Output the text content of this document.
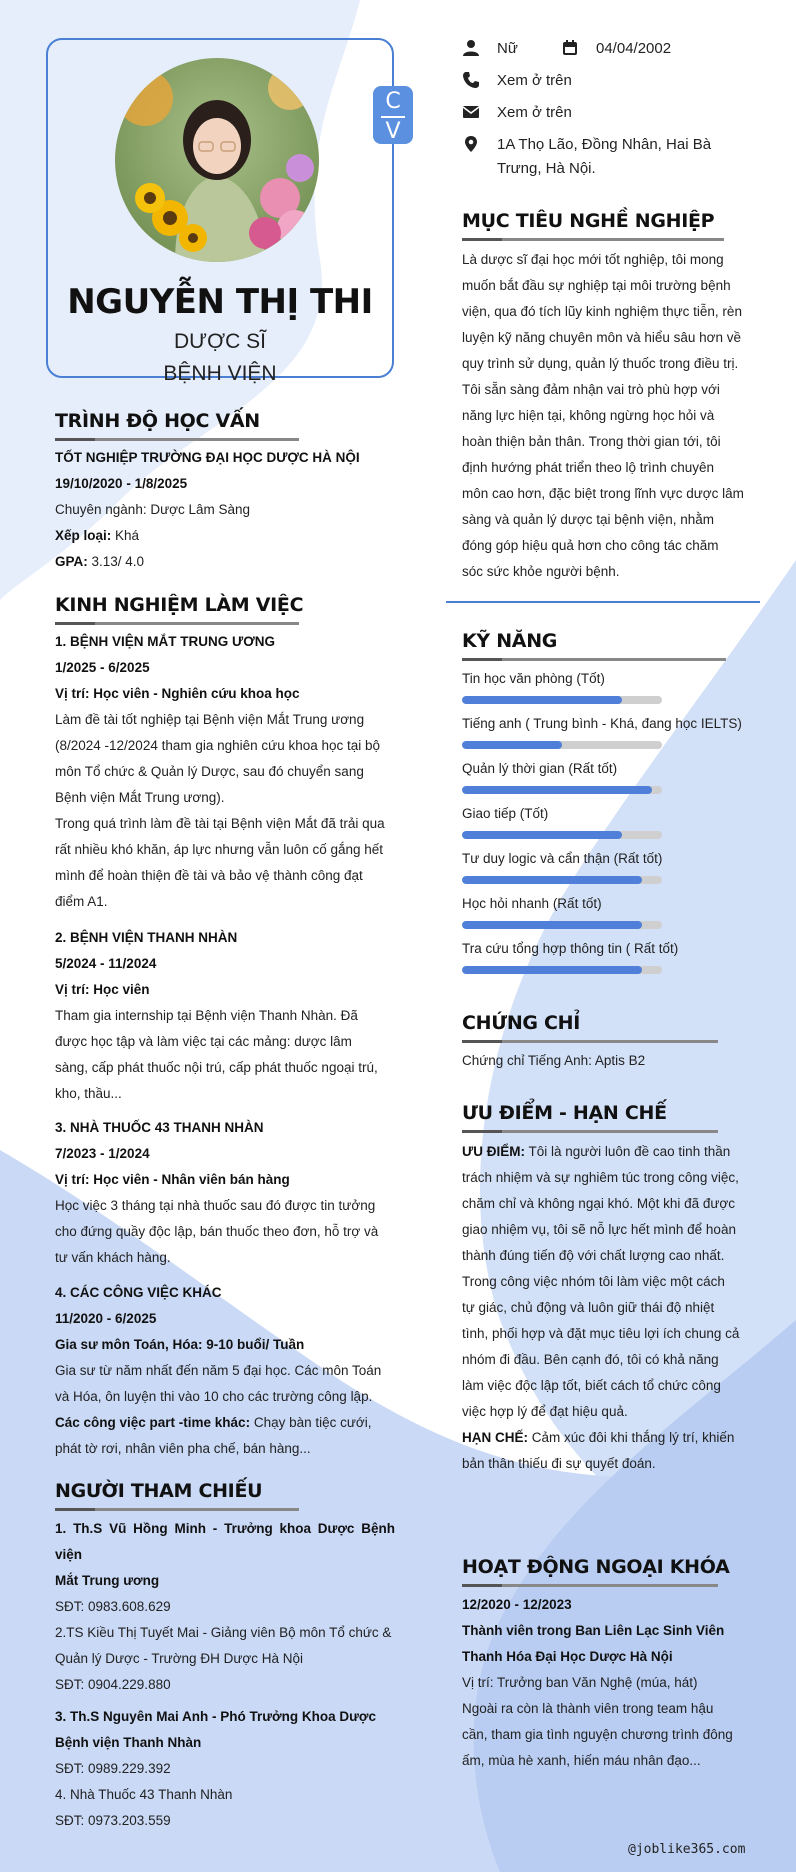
C
V
NGUYỄN THỊ THI
DƯỢC SĨ
BỆNH VIỆN
Nữ	04/04/2002
Xem ở trên
Xem ở trên
1A Thọ Lão, Đồng Nhân, Hai Bà
Trưng, Hà Nội.
MỤC TIÊU NGHỀ NGHIỆP
Là dược sĩ đại học mới tốt nghiệp, tôi mong
muốn bắt đầu sự nghiệp tại môi trường bệnh
viện, qua đó tích lũy kinh nghiệm thực tiễn, rèn
luyện kỹ năng chuyên môn và hiểu sâu hơn về
quy trình sử dụng, quản lý thuốc trong điều trị.
Tôi sẵn sàng đảm nhận vai trò phù hợp với
năng lực hiện tại, không ngừng học hỏi và
hoàn thiện bản thân. Trong thời gian tới, tôi
định hướng phát triển theo lộ trình chuyên
môn cao hơn, đặc biệt trong lĩnh vực dược lâm
sàng và quản lý dược tại bệnh viện, nhằm
đóng góp hiệu quả hơn cho công tác chăm
sóc sức khỏe người bệnh.
TRÌNH ĐỘ HỌC VẤN
TỐT NGHIỆP TRƯỜNG ĐẠI HỌC DƯỢC HÀ NỘI
19/10/2020 - 1/8/2025
Chuyên ngành: Dược Lâm Sàng
Xếp loại: Khá
GPA: 3.13/ 4.0
KINH NGHIỆM LÀM VIỆC
1. BỆNH VIỆN MẮT TRUNG ƯƠNG
1/2025 - 6/2025
Vị trí: Học viên - Nghiên cứu khoa học
Làm đề tài tốt nghiệp tại Bệnh viện Mắt Trung ương
(8/2024 -12/2024 tham gia nghiên cứu khoa học tại bộ
môn Tổ chức & Quản lý Dược, sau đó chuyển sang
Bệnh viện Mắt Trung ương).
Trong quá trình làm đề tài tại Bệnh viện Mắt đã trải qua
rất nhiều khó khăn, áp lực nhưng vẫn luôn cố gắng hết
mình để hoàn thiện đề tài và bảo vệ thành công đạt
điểm A1.
2. BỆNH VIỆN THANH NHÀN
5/2024 - 11/2024
Vị trí: Học viên
Tham gia internship tại Bệnh viện Thanh Nhàn. Đã
được học tập và làm việc tại các mảng: dược lâm
sàng, cấp phát thuốc nội trú, cấp phát thuốc ngoại trú,
kho, thầu...
3. NHÀ THUỐC 43 THANH NHÀN
7/2023 - 1/2024
Vị trí: Học viên - Nhân viên bán hàng
Học việc 3 tháng tại nhà thuốc sau đó được tin tưởng
cho đứng quầy độc lập, bán thuốc theo đơn, hỗ trợ và
tư vấn khách hàng.
4. CÁC CÔNG VIỆC KHÁC
11/2020 - 6/2025
Gia sư môn Toán, Hóa: 9-10 buổi/ Tuần
Gia sư từ năm nhất đến năm 5 đại học. Các môn Toán
và Hóa, ôn luyện thi vào 10 cho các trường công lập.
Các công việc part -time khác: Chạy bàn tiệc cưới,
phát tờ rơi, nhân viên pha chế, bán hàng...
NGƯỜI THAM CHIẾU
1. Th.S Vũ Hồng Minh - Trưởng khoa Dược Bệnh viện
Mắt Trung ương
SĐT: 0983.608.629
2.TS Kiều Thị Tuyết Mai - Giảng viên Bộ môn Tổ chức &
Quản lý Dược - Trường ĐH Dược Hà Nội
SĐT: 0904.229.880
3. Th.S Nguyên Mai Anh - Phó Trưởng Khoa Dược
Bệnh viện Thanh Nhàn
SĐT: 0989.229.392
4. Nhà Thuốc 43 Thanh Nhàn
SĐT: 0973.203.559
KỸ NĂNG
Tin học văn phòng (Tốt)
Tiếng anh ( Trung bình - Khá, đang học IELTS)
Quản lý thời gian (Rất tốt)
Giao tiếp (Tốt)
Tư duy logic và cẩn thận (Rất tốt)
Học hỏi nhanh (Rất tốt)
Tra cứu tổng hợp thông tin ( Rất tốt)
CHỨNG CHỈ
Chứng chỉ Tiếng Anh: Aptis B2
ƯU ĐIỂM - HẠN CHẾ
ƯU ĐIỂM: Tôi là người luôn đề cao tinh thần
trách nhiệm và sự nghiêm túc trong công việc,
chăm chỉ và không ngại khó. Một khi đã được
giao nhiệm vụ, tôi sẽ nỗ lực hết mình để hoàn
thành đúng tiến độ với chất lượng cao nhất.
Trong công việc nhóm tôi làm việc một cách
tự giác, chủ động và luôn giữ thái độ nhiệt
tình, phối hợp và đặt mục tiêu lợi ích chung cả
nhóm đi đầu. Bên cạnh đó, tôi có khả năng
làm việc độc lập tốt, biết cách tổ chức công
việc hợp lý để đạt hiệu quả.
HẠN CHẾ: Cảm xúc đôi khi thắng lý trí, khiến
bản thân thiếu đi sự quyết đoán.
HOẠT ĐỘNG NGOẠI KHÓA
12/2020 - 12/2023
Thành viên trong Ban Liên Lạc Sinh Viên
Thanh Hóa Đại Học Dược Hà Nội
Vị trí: Trưởng ban Văn Nghệ (múa, hát)
Ngoài ra còn là thành viên trong team hậu
cần, tham gia tình nguyện chương trình đông
ấm, mùa hè xanh, hiến máu nhân đạo...
@joblike365.com
